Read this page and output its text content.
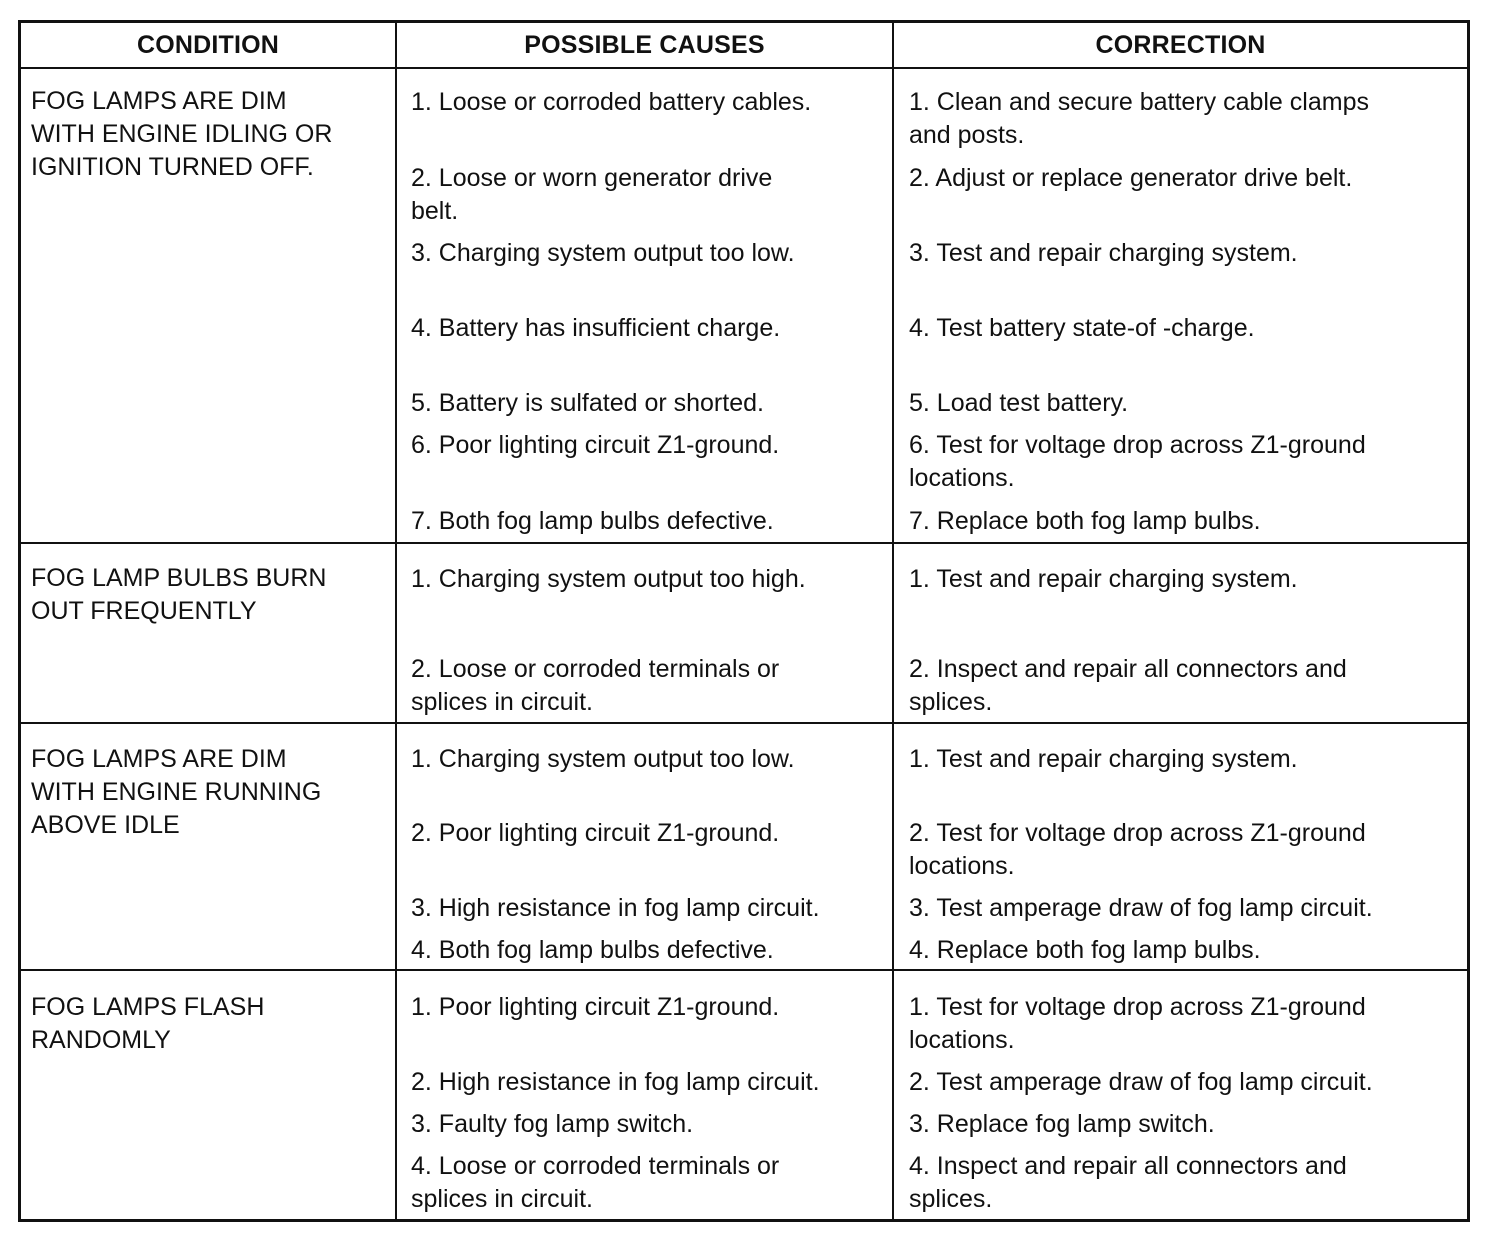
CONDITION	POSSIBLE CAUSES	CORRECTION
FOG LAMPS ARE DIM
WITH ENGINE IDLING OR
IGNITION TURNED OFF.
1. Loose or corroded battery cables.
2. Loose or worn generator drive
belt.
3. Charging system output too low.
4. Battery has insufficient charge.
5. Battery is sulfated or shorted.
6. Poor lighting circuit Z1-ground.
7. Both fog lamp bulbs defective.
1. Clean and secure battery cable clamps
and posts.
2. Adjust or replace generator drive belt.
3. Test and repair charging system.
4. Test battery state-of -charge.
5. Load test battery.
6. Test for voltage drop across Z1-ground
locations.
7. Replace both fog lamp bulbs.
FOG LAMP BULBS BURN
OUT FREQUENTLY
1. Charging system output too high.
2. Loose or corroded terminals or
splices in circuit.
1. Test and repair charging system.
2. Inspect and repair all connectors and
splices.
FOG LAMPS ARE DIM
WITH ENGINE RUNNING
ABOVE IDLE
1. Charging system output too low.
2. Poor lighting circuit Z1-ground.
3. High resistance in fog lamp circuit.
4. Both fog lamp bulbs defective.
1. Test and repair charging system.
2. Test for voltage drop across Z1-ground
locations.
3. Test amperage draw of fog lamp circuit.
4. Replace both fog lamp bulbs.
FOG LAMPS FLASH
RANDOMLY
1. Poor lighting circuit Z1-ground.
2. High resistance in fog lamp circuit.
3. Faulty fog lamp switch.
4. Loose or corroded terminals or
splices in circuit.
1. Test for voltage drop across Z1-ground
locations.
2. Test amperage draw of fog lamp circuit.
3. Replace fog lamp switch.
4. Inspect and repair all connectors and
splices.
